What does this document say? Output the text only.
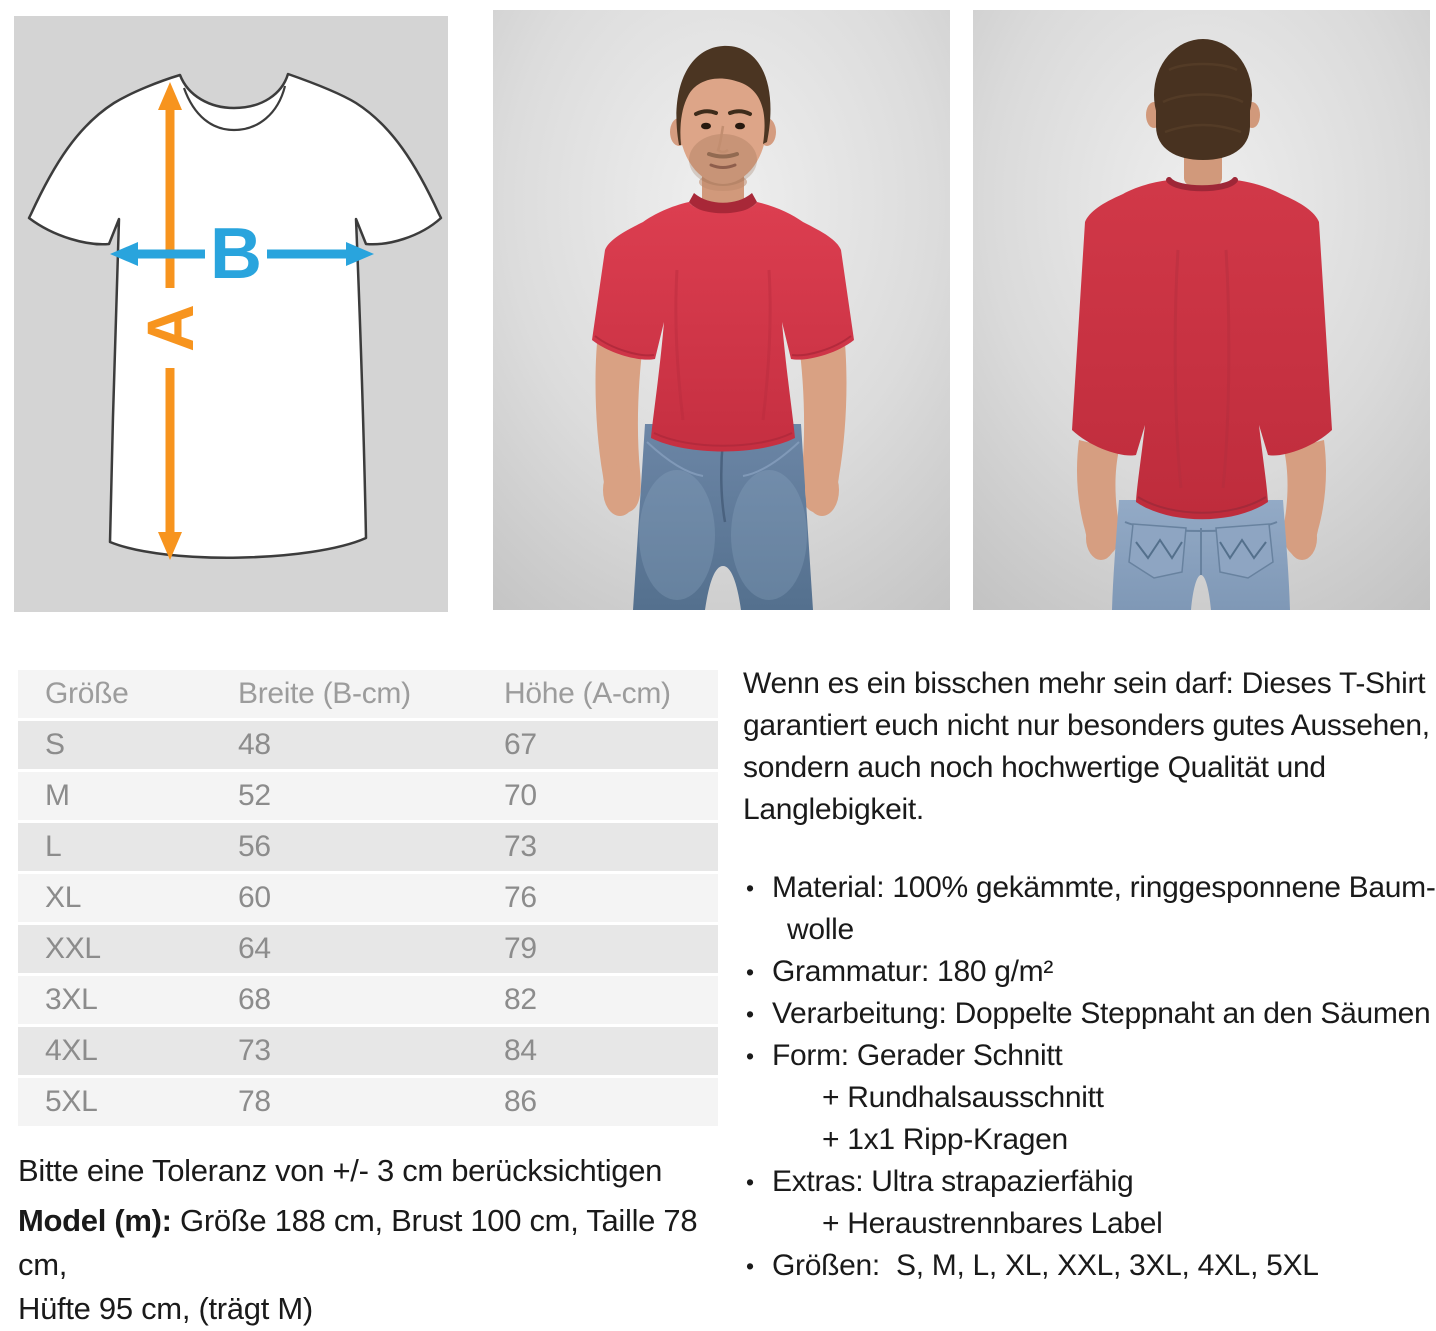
A
B
Größe	Breite (B-cm)	Höhe (A-cm)
S	48	67
M	52	70
L	56	73
XL	60	76
XXL	64	79
3XL	68	82
4XL	73	84
5XL	78	86
Bitte eine Toleranz von +/- 3 cm berücksichtigen
Model (m): Größe 188 cm, Brust 100 cm, Taille 78 cm,
Hüfte 95 cm, (trägt M)
Wenn es ein bisschen mehr sein darf: Dieses T-Shirt
garantiert euch nicht nur besonders gutes Aussehen,
sondern auch noch hochwertige Qualität und
Langlebigkeit.
• Material: 100% gekämmte, ringgesponnene Baum-
wolle
• Grammatur: 180 g/m²
• Verarbeitung: Doppelte Steppnaht an den Säumen
• Form: Gerader Schnitt
+ Rundhalsausschnitt
+ 1x1 Ripp-Kragen
• Extras: Ultra strapazierfähig
+ Heraustrennbares Label
• Größen:  S, M, L, XL, XXL, 3XL, 4XL, 5XL
